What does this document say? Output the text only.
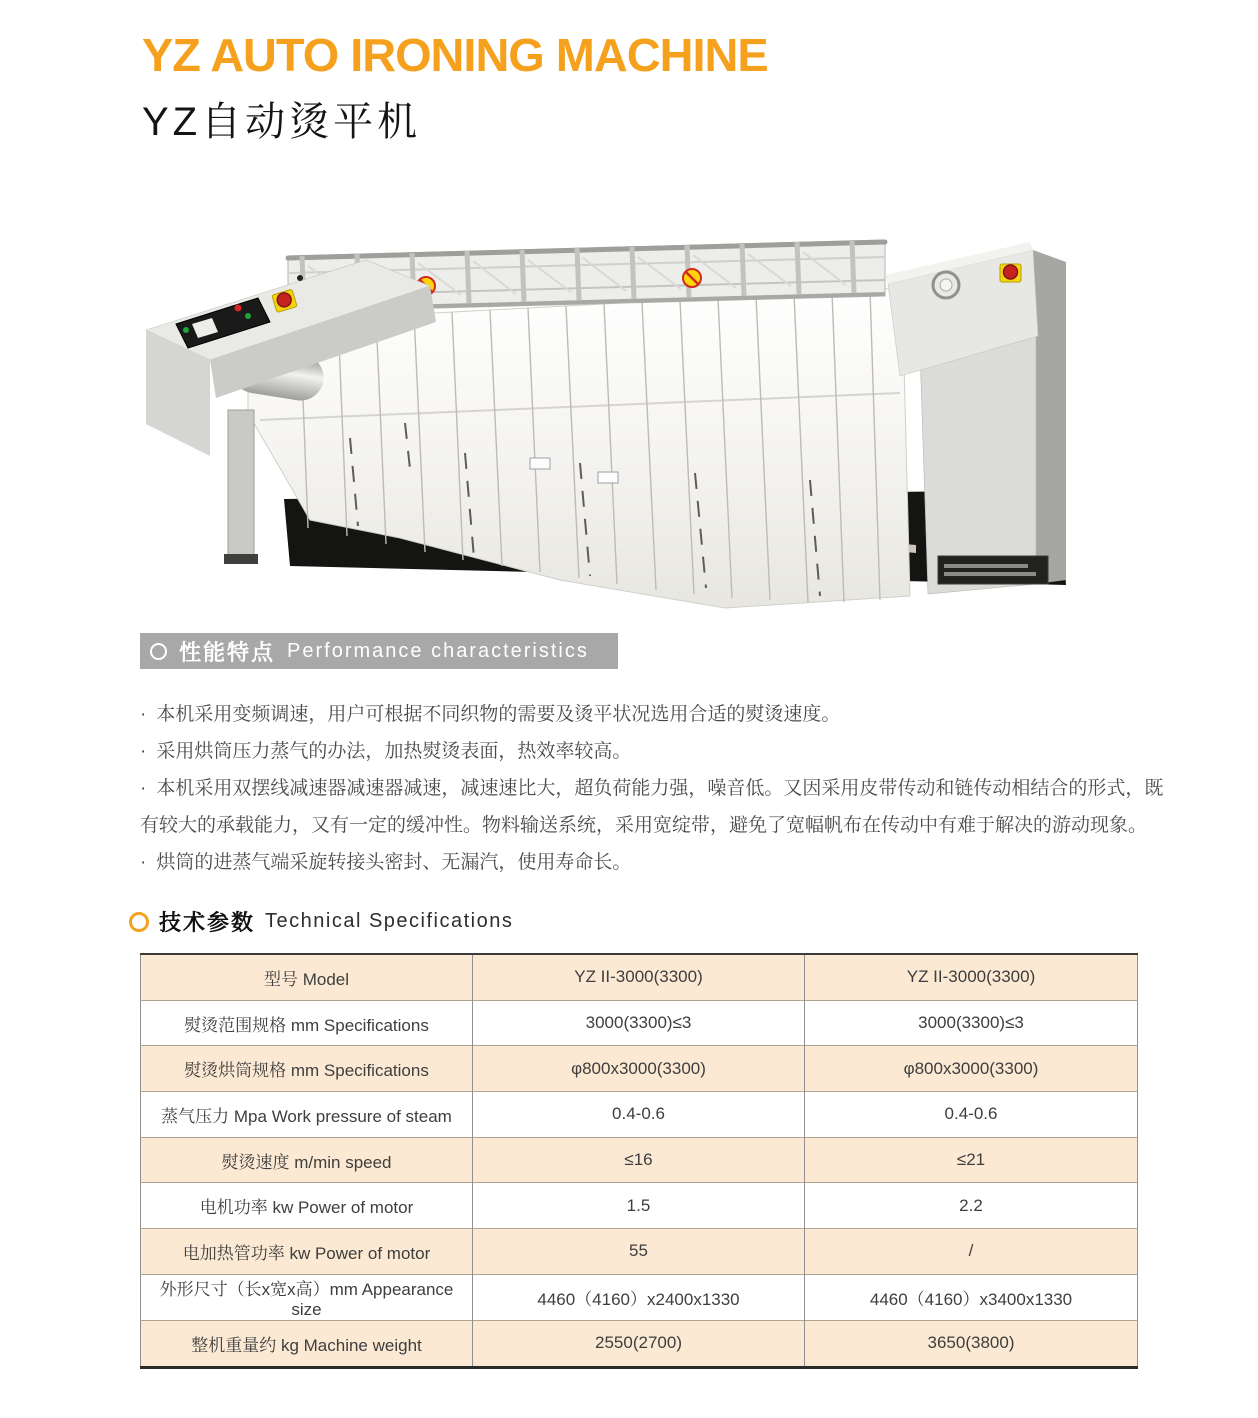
YZ AUTO IRONING MACHINE
YZ自动烫平机
性能特点 Performance characteristics
· 本机采用变频调速，用户可根据不同织物的需要及烫平状况选用合适的熨烫速度。
· 采用烘筒压力蒸气的办法，加热熨烫表面，热效率较高。
· 本机采用双摆线减速器减速器减速，减速速比大，超负荷能力强，噪音低。又因采用皮带传动和链传动相结合的形式，既有较大的承载能力，又有一定的缓冲性。物料输送系统，采用宽绽带，避免了宽幅帆布在传动中有难于解决的游动现象。
· 烘筒的进蒸气端采旋转接头密封、无漏汽，使用寿命长。
技术参数 Technical Specifications
型号 Model	YZ II-3000(3300)	YZ II-3000(3300)
熨烫范围规格 mm Specifications	3000(3300)≤3	3000(3300)≤3
熨烫烘筒规格 mm Specifications	φ800x3000(3300)	φ800x3000(3300)
蒸气压力 Mpa Work pressure of steam	0.4-0.6	0.4-0.6
熨烫速度 m/min speed	≤16	≤21
电机功率 kw Power of motor	1.5	2.2
电加热管功率 kw Power of motor	55	/
外形尺寸（长x宽x高）mm Appearance size	4460（4160）x2400x1330	4460（4160）x3400x1330
整机重量约 kg Machine weight	2550(2700)	3650(3800)
